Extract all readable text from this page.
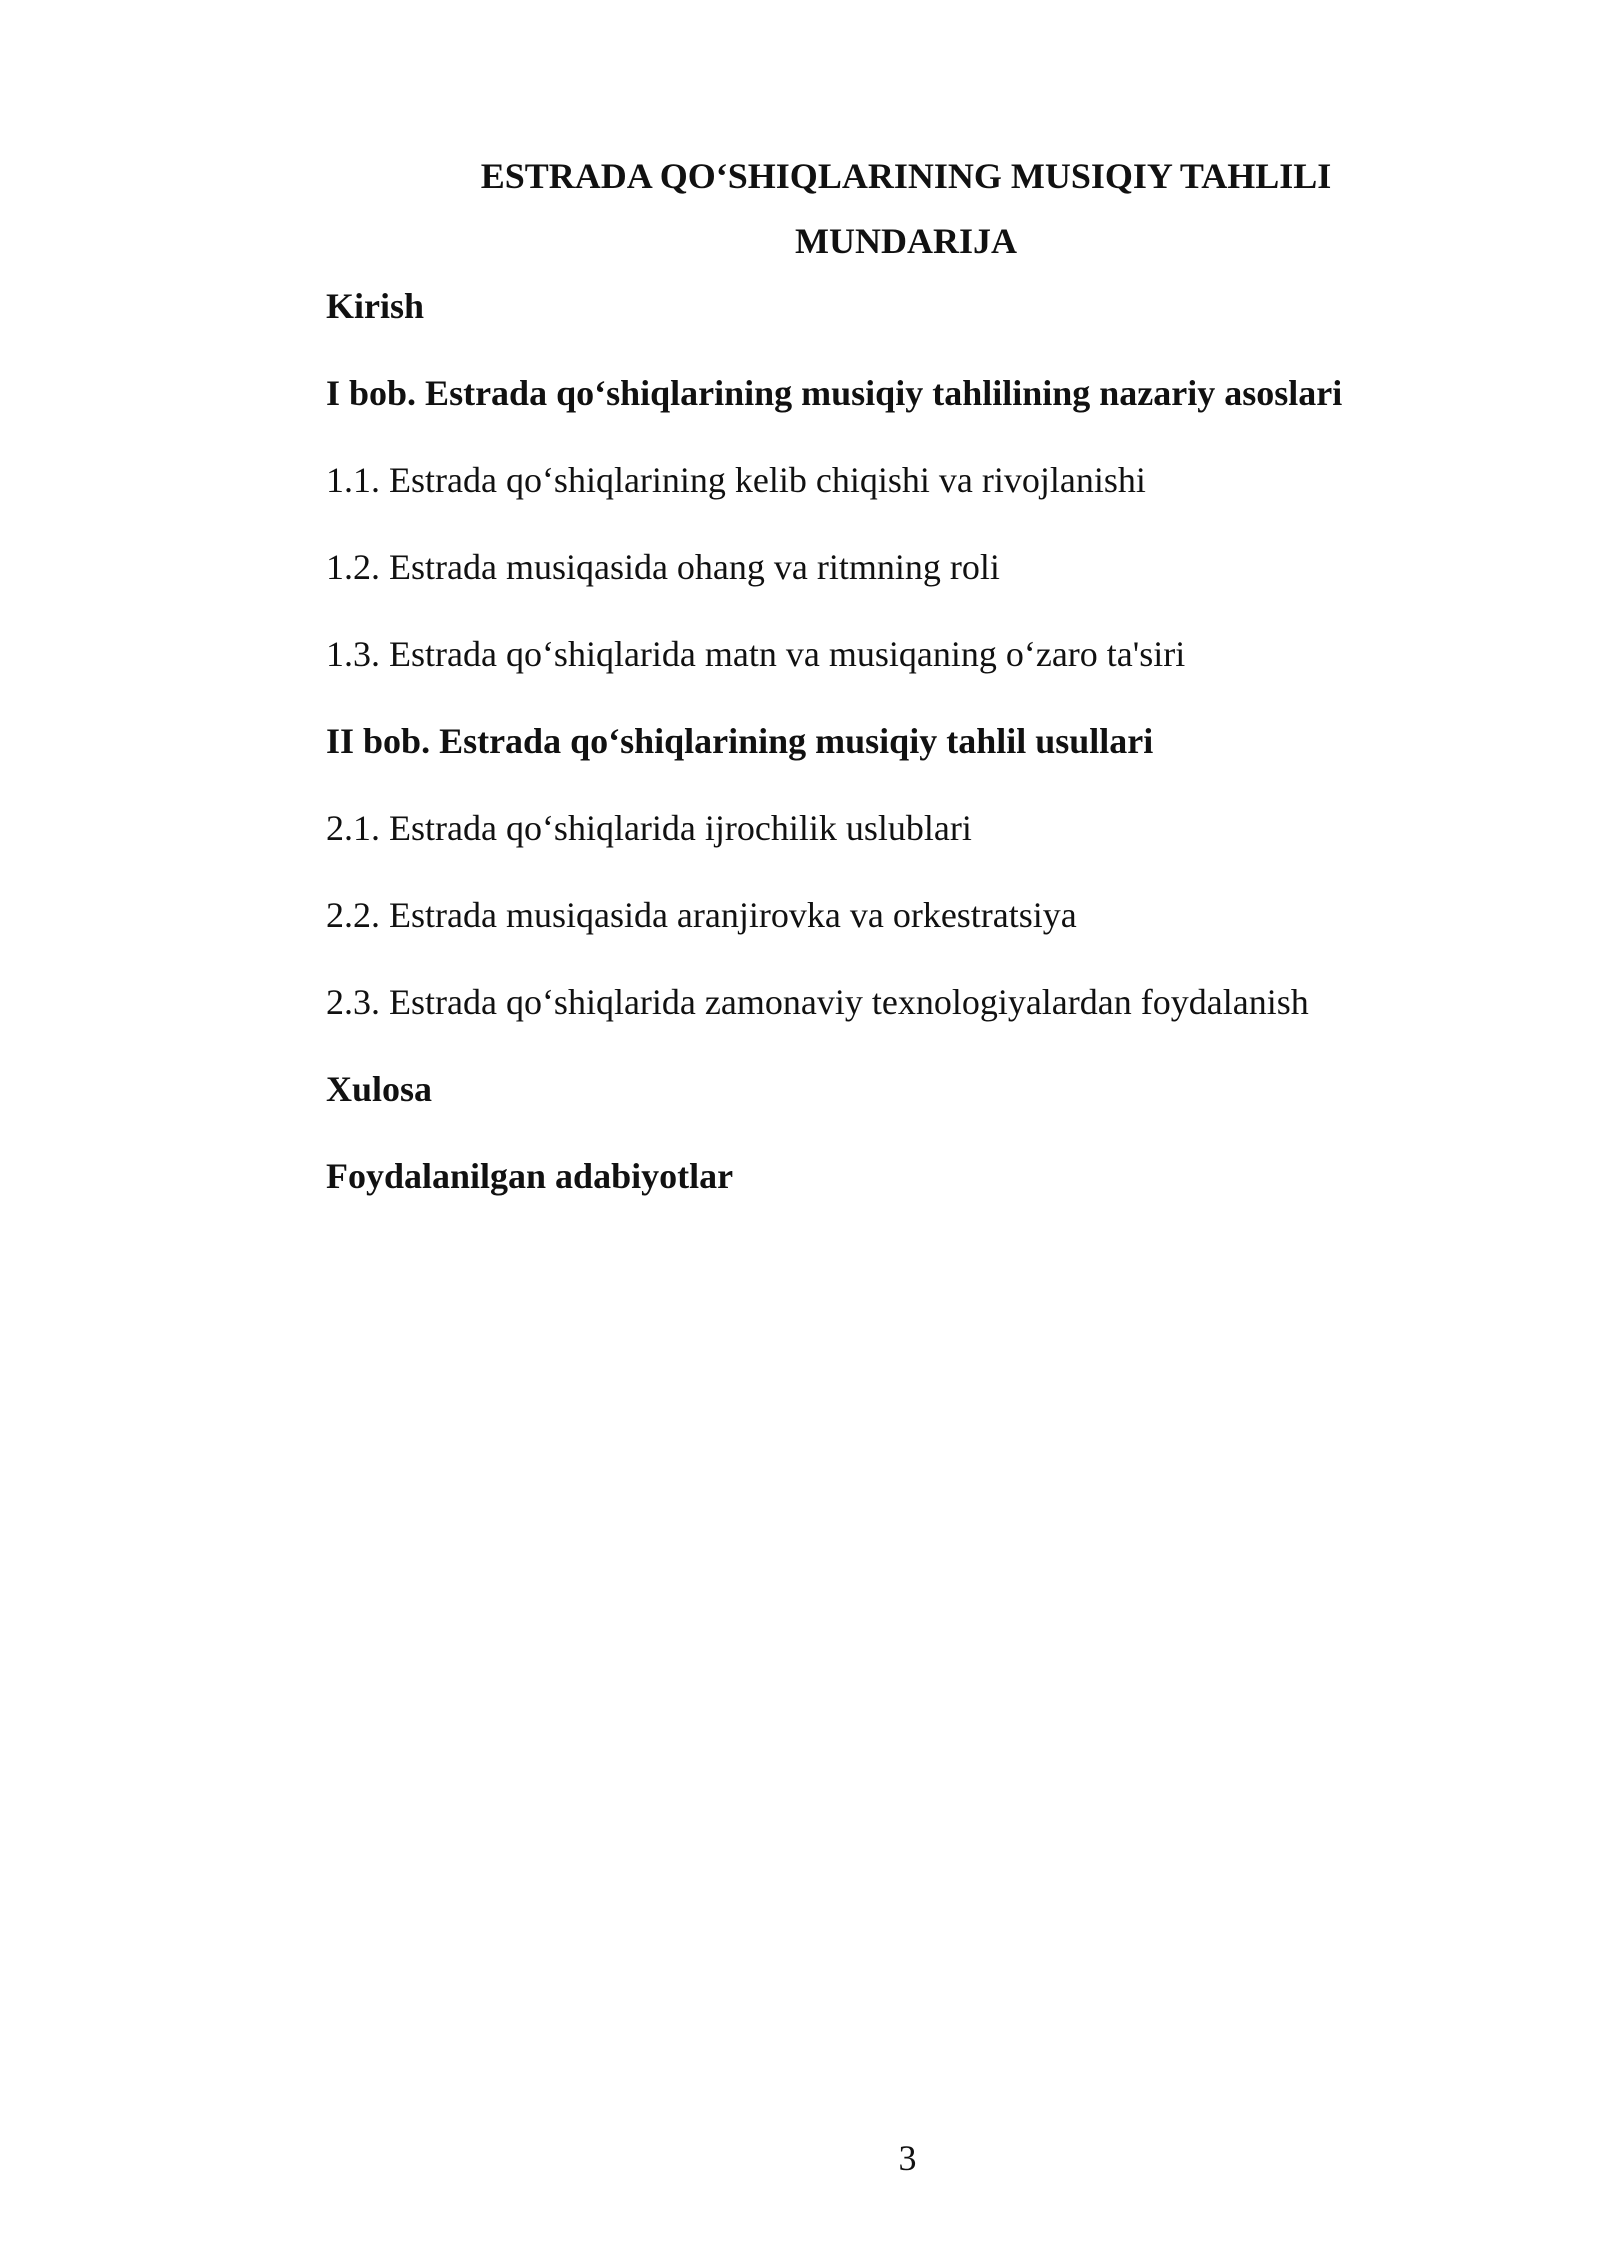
ESTRADA QO‘SHIQLARINING MUSIQIY TAHLILI
MUNDARIJA
Kirish
I bob. Estrada qo‘shiqlarining musiqiy tahlilining nazariy asoslari
1.1. Estrada qo‘shiqlarining kelib chiqishi va rivojlanishi
1.2. Estrada musiqasida ohang va ritmning roli
1.3. Estrada qo‘shiqlarida matn va musiqaning o‘zaro ta'siri
II bob. Estrada qo‘shiqlarining musiqiy tahlil usullari
2.1. Estrada qo‘shiqlarida ijrochilik uslublari
2.2. Estrada musiqasida aranjirovka va orkestratsiya
2.3. Estrada qo‘shiqlarida zamonaviy texnologiyalardan foydalanish
Xulosa
Foydalanilgan adabiyotlar
3
